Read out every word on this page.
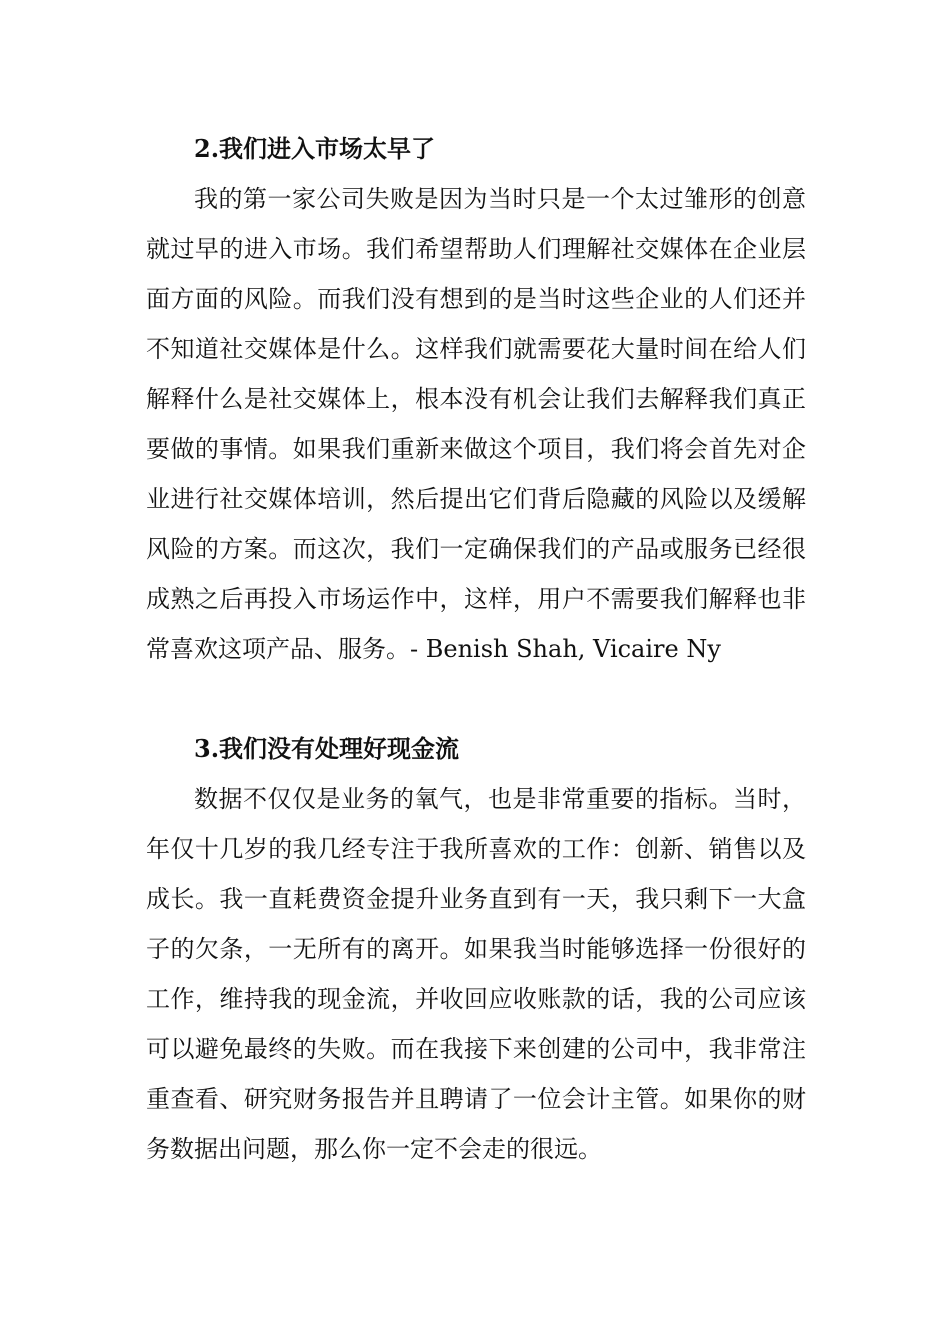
2.我们进入市场太早了

我的第一家公司失败是因为当时只是一个太过雏形的创意就过早的进入市场。我们希望帮助人们理解社交媒体在企业层面方面的风险。而我们没有想到的是当时这些企业的人们还并不知道社交媒体是什么。这样我们就需要花大量时间在给人们解释什么是社交媒体上，根本没有机会让我们去解释我们真正要做的事情。如果我们重新来做这个项目，我们将会首先对企业进行社交媒体培训，然后提出它们背后隐藏的风险以及缓解风险的方案。而这次，我们一定确保我们的产品或服务已经很成熟之后再投入市场运作中，这样，用户不需要我们解释也非常喜欢这项产品、服务。- Benish Shah, Vicaire Ny

3.我们没有处理好现金流

数据不仅仅是业务的氧气，也是非常重要的指标。当时，年仅十几岁的我几经专注于我所喜欢的工作：创新、销售以及成长。我一直耗费资金提升业务直到有一天，我只剩下一大盒子的欠条，一无所有的离开。如果我当时能够选择一份很好的工作，维持我的现金流，并收回应收账款的话，我的公司应该可以避免最终的失败。而在我接下来创建的公司中，我非常注重查看、研究财务报告并且聘请了一位会计主管。如果你的财务数据出问题，那么你一定不会走的很远。
